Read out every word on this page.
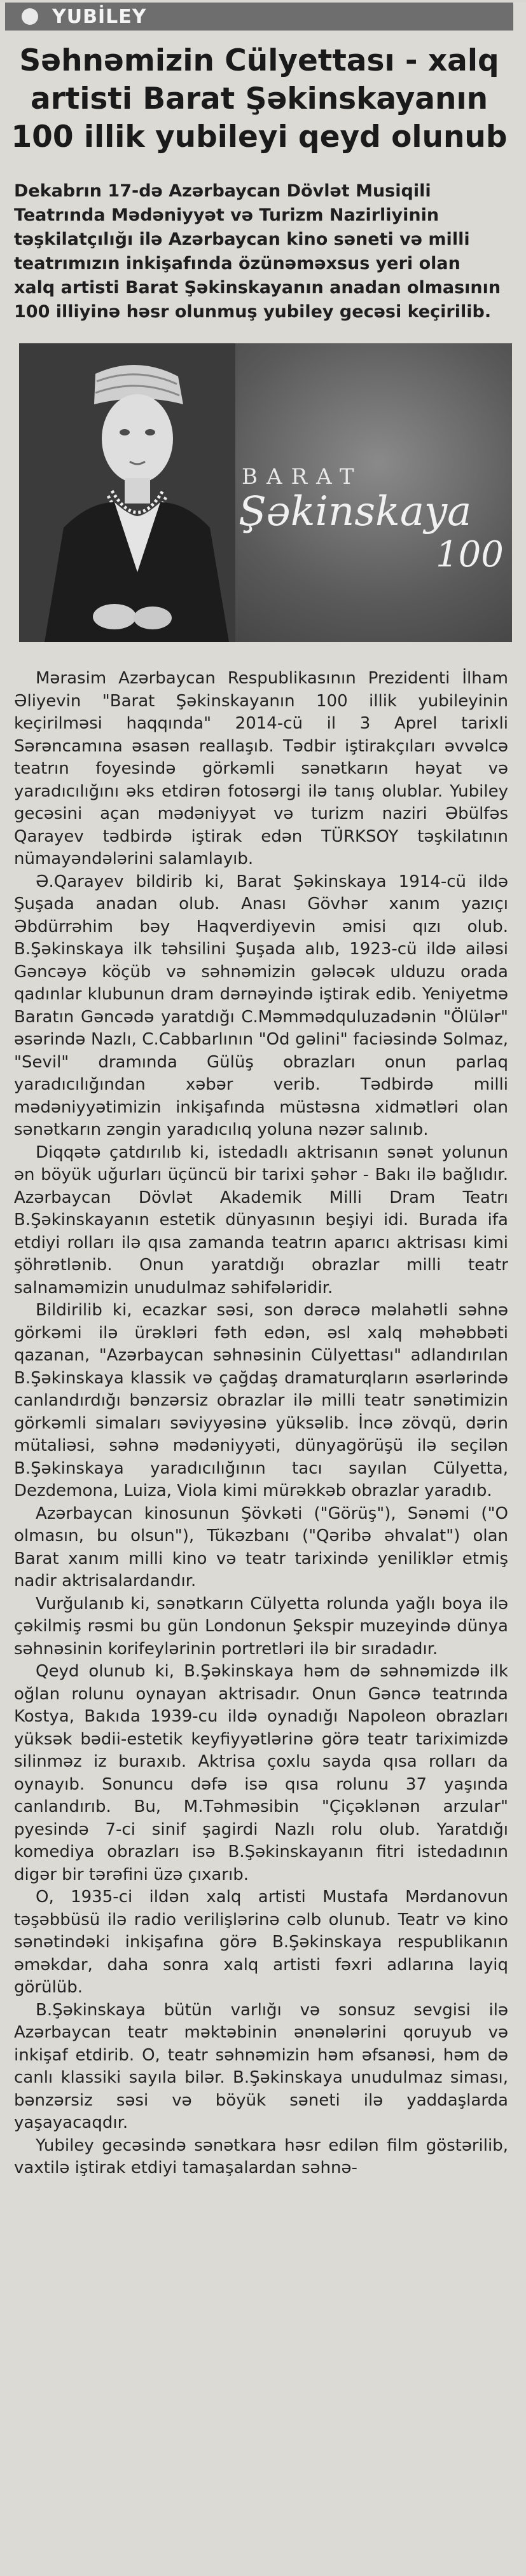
YUBİLEY
Səhnəmizin Cülyettası - xalq artisti Barat Şəkinskayanın 100 illik yubileyi qeyd olunub
Dekabrın 17-də Azərbaycan Dövlət Musiqili Teatrında Mədəniyyət və Turizm Nazirliyinin təşkilatçılığı ilə Azərbaycan kino səneti və milli teatrımızın inkişafında özünəməxsus yeri olan xalq artisti Barat Şəkinskayanın anadan olmasının 100 illiyinə həsr olunmuş yubiley gecəsi keçirilib.
BARAT
Şəkinskaya
100

Mərasim Azərbaycan Respublikasının Prezidenti İlham Əliyevin "Barat Şəkinskayanın 100 illik yubileyinin keçirilməsi haqqında" 2014-cü il 3 Aprel tarixli Sərəncamına əsasən reallaşıb. Tədbir iştirakçıları əvvəlcə teatrın foyesində görkəmli sənətkarın həyat və yaradıcılığını əks etdirən fotosərgi ilə tanış olublar. Yubiley gecəsini açan mədəniyyət və turizm naziri Əbülfəs Qarayev tədbirdə iştirak edən TÜRKSOY təşkilatının nümayəndələrini salamlayıb.

Ə.Qarayev bildirib ki, Barat Şəkinskaya 1914-cü ildə Şuşada anadan olub. Anası Gövhər xanım yazıçı Əbdürrəhim bəy Haqverdiyevin əmisi qızı olub. B.Şəkinskaya ilk təhsilini Şuşada alıb, 1923-cü ildə ailəsi Gəncəyə köçüb və səhnəmizin gələcək ulduzu orada qadınlar klubunun dram dərnəyində iştirak edib. Yeniyetmə Baratın Gəncədə yaratdığı C.Məmmədquluzadənin "Ölülər" əsərində Nazlı, C.Cabbarlının "Od gəlini" faciəsində Solmaz, "Sevil" dramında Gülüş obrazları onun parlaq yaradıcılığından xəbər verib. Tədbirdə milli mədəniyyətimizin inkişafında müstəsna xidmətləri olan sənətkarın zəngin yaradıcılıq yoluna nəzər salınıb.

Diqqətə çatdırılıb ki, istedadlı aktrisanın sənət yolunun ən böyük uğurları üçüncü bir tarixi şəhər - Bakı ilə bağlıdır. Azərbaycan Dövlət Akademik Milli Dram Teatrı B.Şəkinskayanın estetik dünyasının beşiyi idi. Burada ifa etdiyi rolları ilə qısa zamanda teatrın aparıcı aktrisası kimi şöhrətlənib. Onun yaratdığı obrazlar milli teatr salnaməmizin unudulmaz səhifələridir.

Bildirilib ki, ecazkar səsi, son dərəcə məlahətli səhnə görkəmi ilə ürəkləri fəth edən, əsl xalq məhəbbəti qazanan, "Azərbaycan səhnəsinin Cülyettası" adlandırılan B.Şəkinskaya klassik və çağdaş dramaturqların əsərlərində canlandırdığı bənzərsiz obrazlar ilə milli teatr sənətimizin görkəmli simaları səviyyəsinə yüksəlib. İncə zövqü, dərin mütaliəsi, səhnə mədəniyyəti, dünyagörüşü ilə seçilən B.Şəkinskaya yaradıcılığının tacı sayılan Cülyetta, Dezdemona, Luiza, Viola kimi mürəkkəb obrazlar yaradıb.

Azərbaycan kinosunun Şövkəti ("Görüş"), Sənəmi ("O olmasın, bu olsun"), Tükəzbanı ("Qəribə əhvalat") olan Barat xanım milli kino və teatr tarixində yeniliklər etmiş nadir aktrisalardandır.

Vurğulanıb ki, sənətkarın Cülyetta rolunda yağlı boya ilə çəkilmiş rəsmi bu gün Londonun Şekspir muzeyində dünya səhnəsinin korifeylərinin portretləri ilə bir sıradadır.

Qeyd olunub ki, B.Şəkinskaya həm də səhnəmizdə ilk oğlan rolunu oynayan aktrisadır. Onun Gəncə teatrında Kostya, Bakıda 1939-cu ildə oynadığı Napoleon obrazları yüksək bədii-estetik keyfiyyətlərinə görə teatr tariximizdə silinməz iz buraxıb. Aktrisa çoxlu sayda qısa rolları da oynayıb. Sonuncu dəfə isə qısa rolunu 37 yaşında canlandırıb. Bu, M.Təhməsibin "Çiçəklənən arzular" pyesində 7-ci sinif şagirdi Nazlı rolu olub. Yaratdığı komediya obrazları isə B.Şəkinskayanın fitri istedadının digər bir tərəfini üzə çıxarıb.

O, 1935-ci ildən xalq artisti Mustafa Mərdanovun təşəbbüsü ilə radio verilişlərinə cəlb olunub. Teatr və kino sənətindəki inkişafına görə B.Şəkinskaya respublikanın əməkdar, daha sonra xalq artisti fəxri adlarına layiq görülüb.

B.Şəkinskaya bütün varlığı və sonsuz sevgisi ilə Azərbaycan teatr məktəbinin ənənələrini qoruyub və inkişaf etdirib. O, teatr səhnəmizin həm əfsanəsi, həm də canlı klassiki sayıla bilər. B.Şəkinskaya unudulmaz siması, bənzərsiz səsi və böyük səneti ilə yaddaşlarda yaşayacaqdır.

Yubiley gecəsində sənətkara həsr edilən film göstərilib, vaxtilə iştirak etdiyi tamaşalardan səhnə-
